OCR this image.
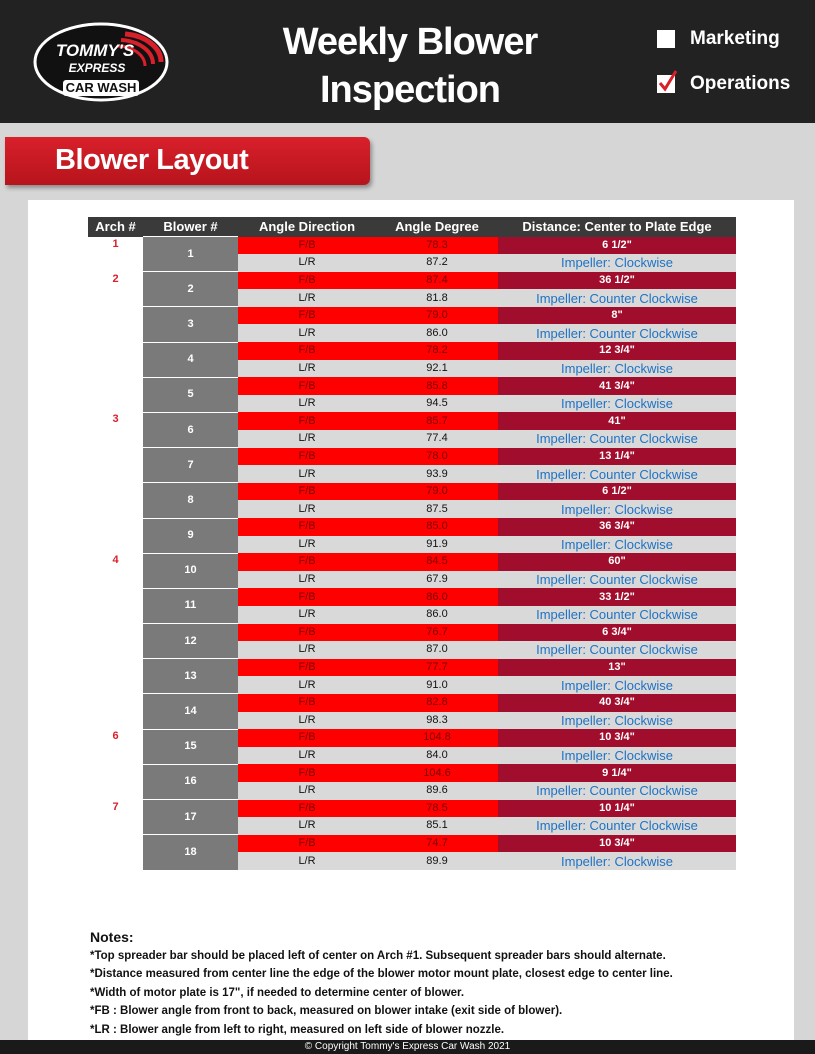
TOMMY'S
EXPRESS
CAR WASH
Weekly Blower
Inspection
Marketing
Operations
Blower Layout
Arch #	Blower #	Angle Direction	Angle Degree	Distance: Center to Plate Edge
1	1	F/B	78.3	6 1/2"
		L/R	87.2	Impeller: Clockwise
2	2	F/B	87.4	36 1/2"
		L/R	81.8	Impeller: Counter Clockwise
	3	F/B	79.0	8"
		L/R	86.0	Impeller: Counter Clockwise
	4	F/B	78.2	12 3/4"
		L/R	92.1	Impeller: Clockwise
	5	F/B	85.8	41 3/4"
		L/R	94.5	Impeller: Clockwise
3	6	F/B	85.7	41"
		L/R	77.4	Impeller: Counter Clockwise
	7	F/B	78.0	13 1/4"
		L/R	93.9	Impeller: Counter Clockwise
	8	F/B	79.0	6 1/2"
		L/R	87.5	Impeller: Clockwise
	9	F/B	85.0	36 3/4"
		L/R	91.9	Impeller: Clockwise
4	10	F/B	84.5	60"
		L/R	67.9	Impeller: Counter Clockwise
	11	F/B	86.0	33 1/2"
		L/R	86.0	Impeller: Counter Clockwise
	12	F/B	76.7	6 3/4"
		L/R	87.0	Impeller: Counter Clockwise
	13	F/B	77.7	13"
		L/R	91.0	Impeller: Clockwise
	14	F/B	82.8	40 3/4"
		L/R	98.3	Impeller: Clockwise
6	15	F/B	104.8	10 3/4"
		L/R	84.0	Impeller: Clockwise
	16	F/B	104.6	9 1/4"
		L/R	89.6	Impeller: Counter Clockwise
7	17	F/B	78.5	10 1/4"
		L/R	85.1	Impeller: Counter Clockwise
	18	F/B	74.7	10 3/4"
		L/R	89.9	Impeller: Clockwise
Notes:
*Top spreader bar should be placed left of center on Arch #1. Subsequent spreader bars should alternate.
*Distance measured from center line the edge of the blower motor mount plate, closest edge to center line.
*Width of motor plate is 17", if needed to determine center of blower.
*FB : Blower angle from front to back, measured on blower intake (exit side of blower).
*LR : Blower angle from left to right, measured on left side of blower nozzle.
© Copyright Tommy's Express Car Wash 2021
